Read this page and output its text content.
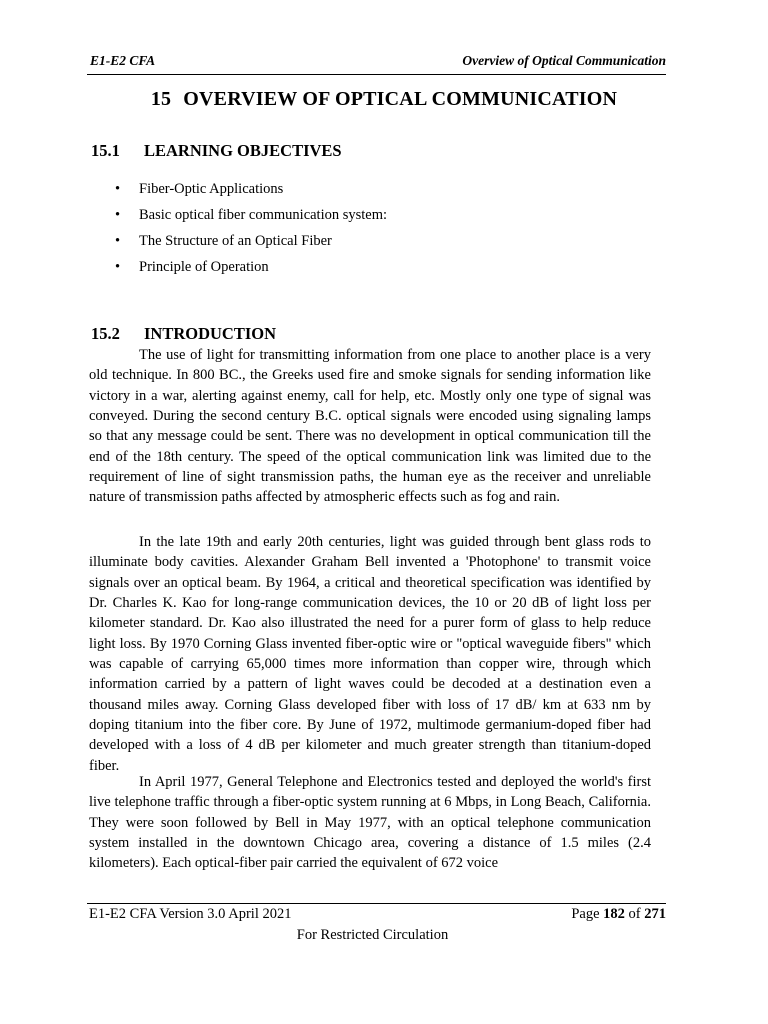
E1-E2 CFA	Overview of Optical Communication
15 OVERVIEW OF OPTICAL COMMUNICATION
15.1 LEARNING OBJECTIVES
• Fiber-Optic Applications
• Basic optical fiber communication system:
• The Structure of an Optical Fiber
• Principle of Operation
15.2 INTRODUCTION

The use of light for transmitting information from one place to another place is a very old technique. In 800 BC., the Greeks used fire and smoke signals for sending information like victory in a war, alerting against enemy, call for help, etc. Mostly only one type of signal was conveyed. During the second century B.C. optical signals were encoded using signaling lamps so that any message could be sent. There was no development in optical communication till the end of the 18th century. The speed of the optical communication link was limited due to the requirement of line of sight transmission paths, the human eye as the receiver and unreliable nature of transmission paths affected by atmospheric effects such as fog and rain.

In the late 19th and early 20th centuries, light was guided through bent glass rods to illuminate body cavities. Alexander Graham Bell invented a 'Photophone' to transmit voice signals over an optical beam. By 1964, a critical and theoretical specification was identified by Dr. Charles K. Kao for long-range communication devices, the 10 or 20 dB of light loss per kilometer standard. Dr. Kao also illustrated the need for a purer form of glass to help reduce light loss. By 1970 Corning Glass invented fiber-optic wire or "optical waveguide fibers" which was capable of carrying 65,000 times more information than copper wire, through which information carried by a pattern of light waves could be decoded at a destination even a thousand miles away. Corning Glass developed fiber with loss of 17 dB/ km at 633 nm by doping titanium into the fiber core. By June of 1972, multimode germanium-doped fiber had developed with a loss of 4 dB per kilometer and much greater strength than titanium-doped fiber.

In April 1977, General Telephone and Electronics tested and deployed the world's first live telephone traffic through a fiber-optic system running at 6 Mbps, in Long Beach, California. They were soon followed by Bell in May 1977, with an optical telephone communication system installed in the downtown Chicago area, covering a distance of 1.5 miles (2.4 kilometers). Each optical-fiber pair carried the equivalent of 672 voice

E1-E2 CFA Version 3.0 April 2021	Page 182 of 271
For Restricted Circulation
